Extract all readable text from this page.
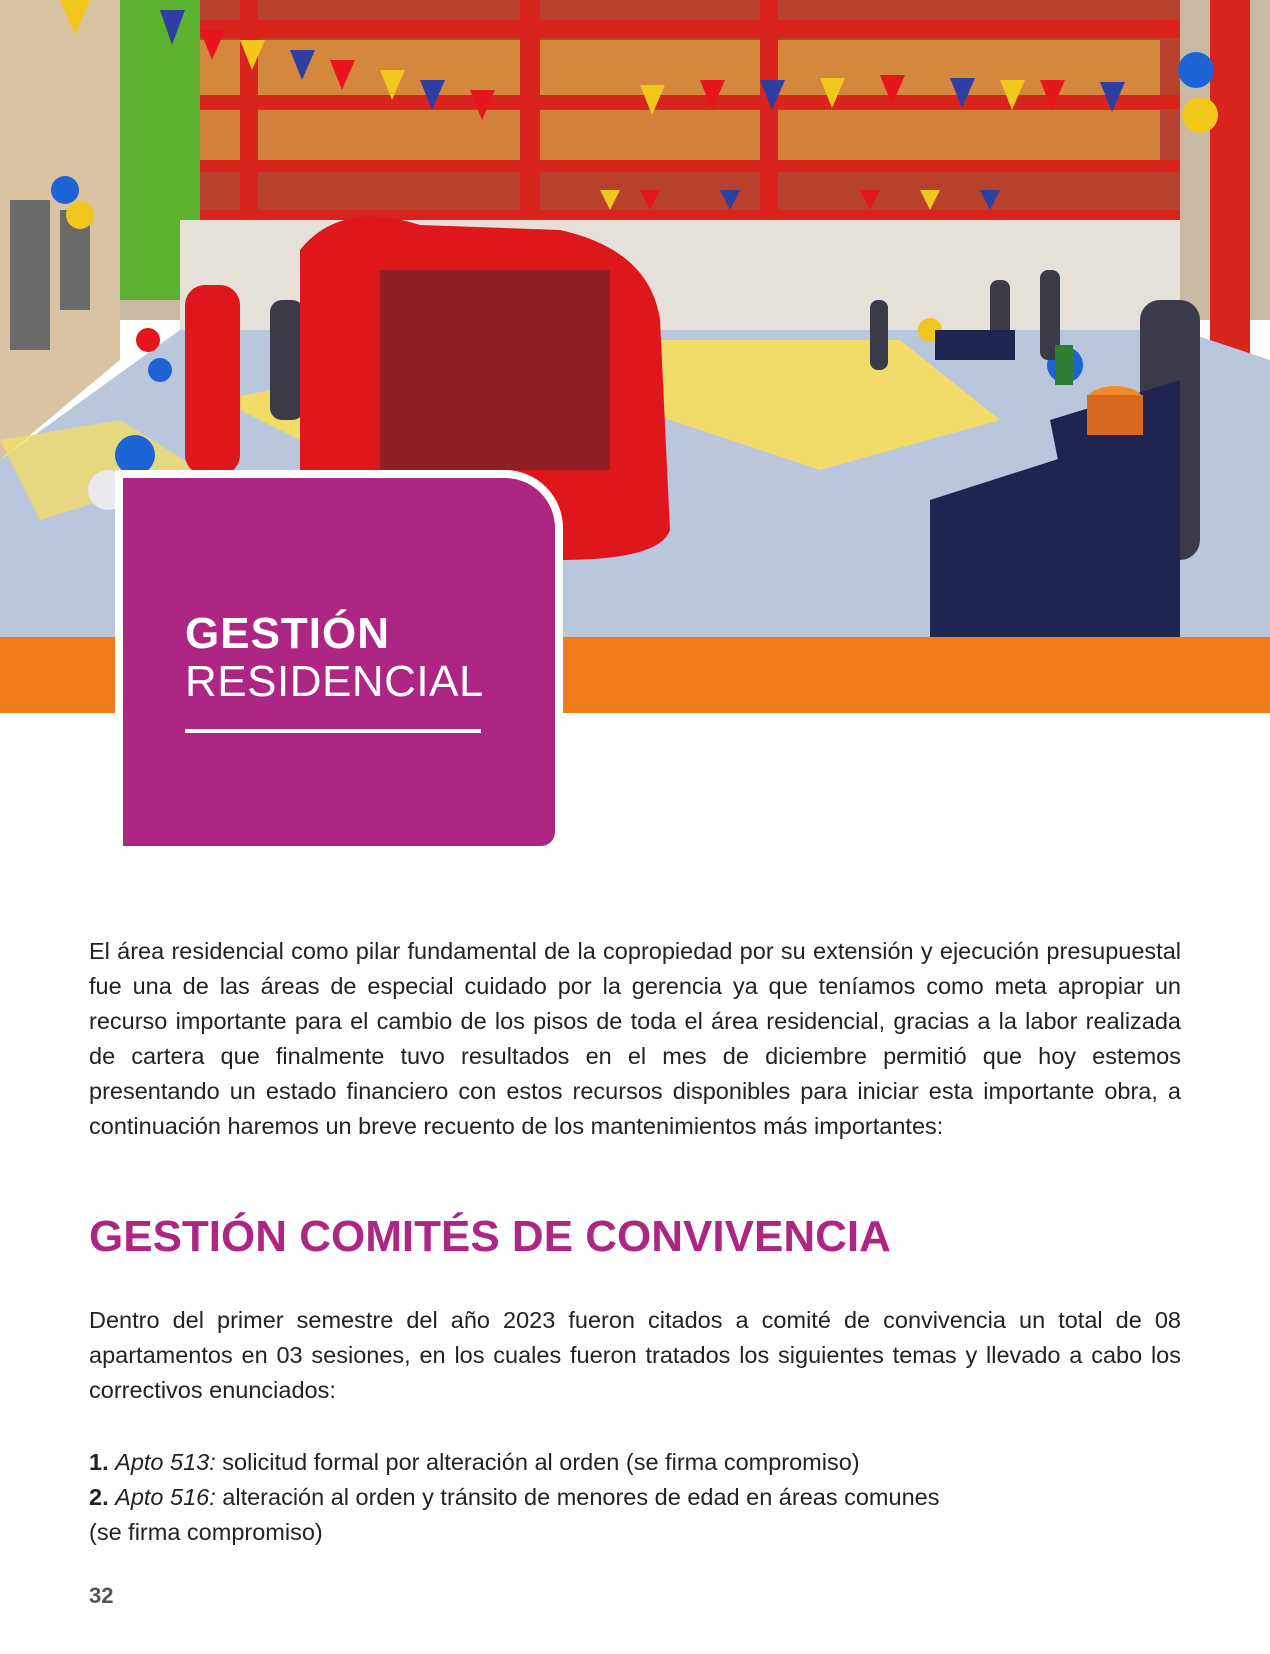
GESTIÓN
RESIDENCIAL

El área residencial como pilar fundamental de la copropiedad por su extensión y ejecución presupuestal fue una de las áreas de especial cuidado por la gerencia ya que teníamos como meta apropiar un recurso importante para el cambio de los pisos de toda el área residencial, gracias a la labor realizada de cartera que finalmente tuvo resultados en el mes de diciembre permitió que hoy estemos presentando un estado financiero con estos recursos disponibles para iniciar esta importante obra, a continuación haremos un breve recuento de los mantenimientos más importantes:

GESTIÓN COMITÉS DE CONVIVENCIA

Dentro del primer semestre del año 2023 fueron citados a comité de convivencia un total de 08 apartamentos en 03 sesiones, en los cuales fueron tratados los siguientes temas y llevado a cabo los correctivos enunciados:

1. Apto 513: solicitud formal por alteración al orden (se firma compromiso)
2. Apto 516: alteración al orden y tránsito de menores de edad en áreas comunes
(se firma compromiso)
32
